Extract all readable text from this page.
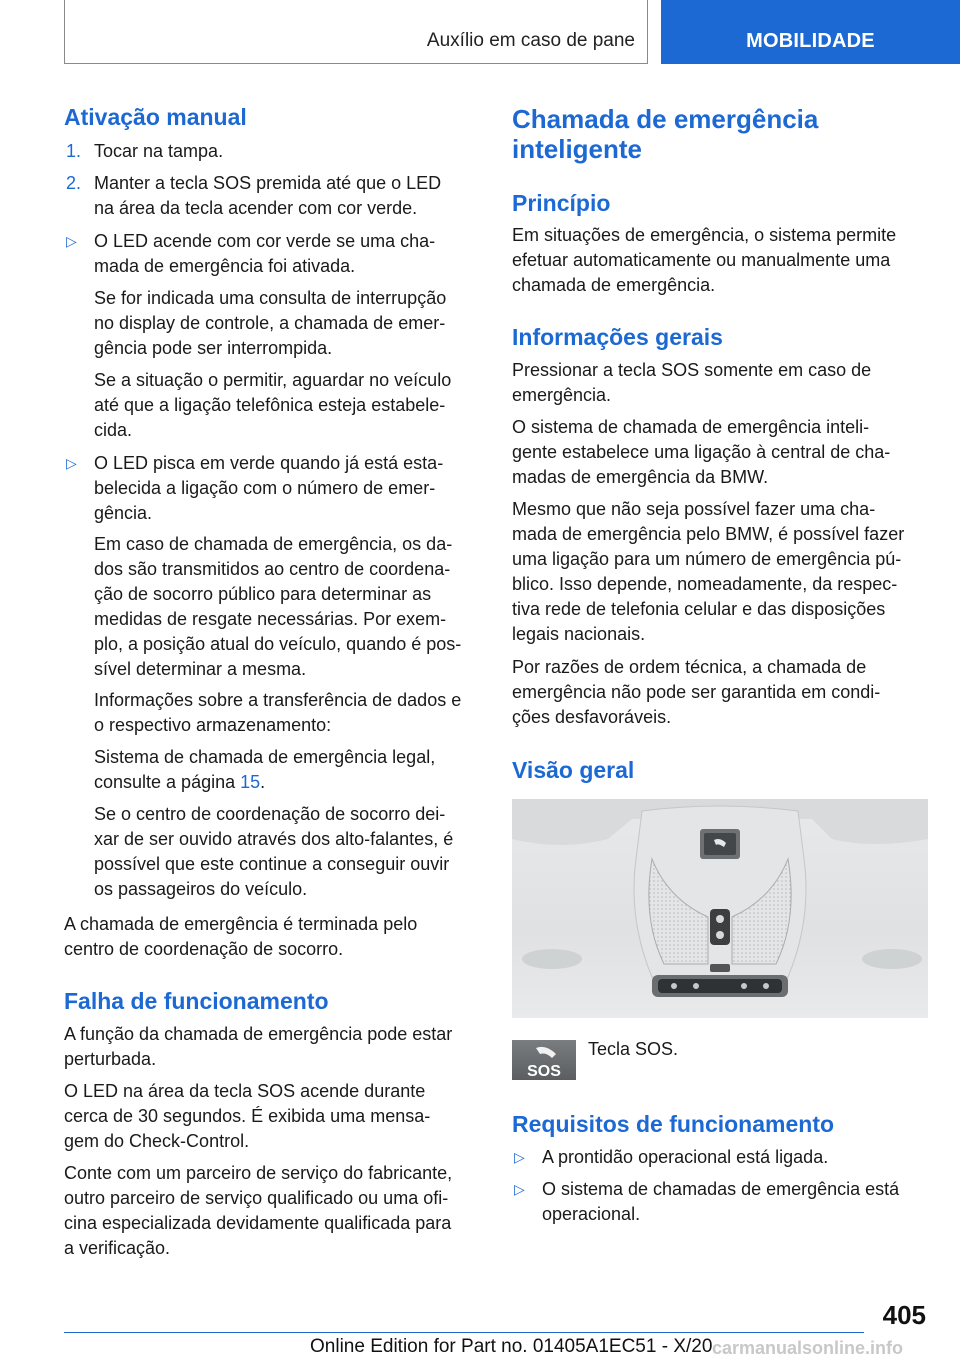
Auxílio em caso de pane	MOBILIDADE
Ativação manual
1. Tocar na tampa.

2. Manter a tecla SOS premida até que o LED
na área da tecla acender com cor verde.

▷ O LED acende com cor verde se uma cha-
mada de emergência foi ativada.

Se for indicada uma consulta de interrupção
no display de controle, a chamada de emer-
gência pode ser interrompida.

Se a situação o permitir, aguardar no veículo
até que a ligação telefônica esteja estabele-
cida.

▷ O LED pisca em verde quando já está esta-
belecida a ligação com o número de emer-
gência.

Em caso de chamada de emergência, os da-
dos são transmitidos ao centro de coordena-
ção de socorro público para determinar as
medidas de resgate necessárias. Por exem-
plo, a posição atual do veículo, quando é pos-
sível determinar a mesma.

Informações sobre a transferência de dados e
o respectivo armazenamento:

Sistema de chamada de emergência legal,
consulte a página 15.

Se o centro de coordenação de socorro dei-
xar de ser ouvido através dos alto-falantes, é
possível que este continue a conseguir ouvir
os passageiros do veículo.

A chamada de emergência é terminada pelo
centro de coordenação de socorro.

Falha de funcionamento

A função da chamada de emergência pode estar
perturbada.

O LED na área da tecla SOS acende durante
cerca de 30 segundos. É exibida uma mensa-
gem do Check-Control.

Conte com um parceiro de serviço do fabricante,
outro parceiro de serviço qualificado ou uma ofi-
cina especializada devidamente qualificada para
a verificação.

Chamada de emergência
inteligente
Princípio

Em situações de emergência, o sistema permite
efetuar automaticamente ou manualmente uma
chamada de emergência.

Informações gerais

Pressionar a tecla SOS somente em caso de
emergência.

O sistema de chamada de emergência inteli-
gente estabelece uma ligação à central de cha-
madas de emergência da BMW.

Mesmo que não seja possível fazer uma cha-
mada de emergência pelo BMW, é possível fazer
uma ligação para um número de emergência pú-
blico. Isso depende, nomeadamente, da respec-
tiva rede de telefonia celular e das disposições
legais nacionais.

Por razões de ordem técnica, a chamada de
emergência não pode ser garantida em condi-
ções desfavoráveis.

Visão geral

Tecla SOS.

Requisitos de funcionamento
▷ A prontidão operacional está ligada.

▷ O sistema de chamadas de emergência está
operacional.

SOS
405
Online Edition for Part no. 01405A1EC51 - X/20 carmanualsonline.info
